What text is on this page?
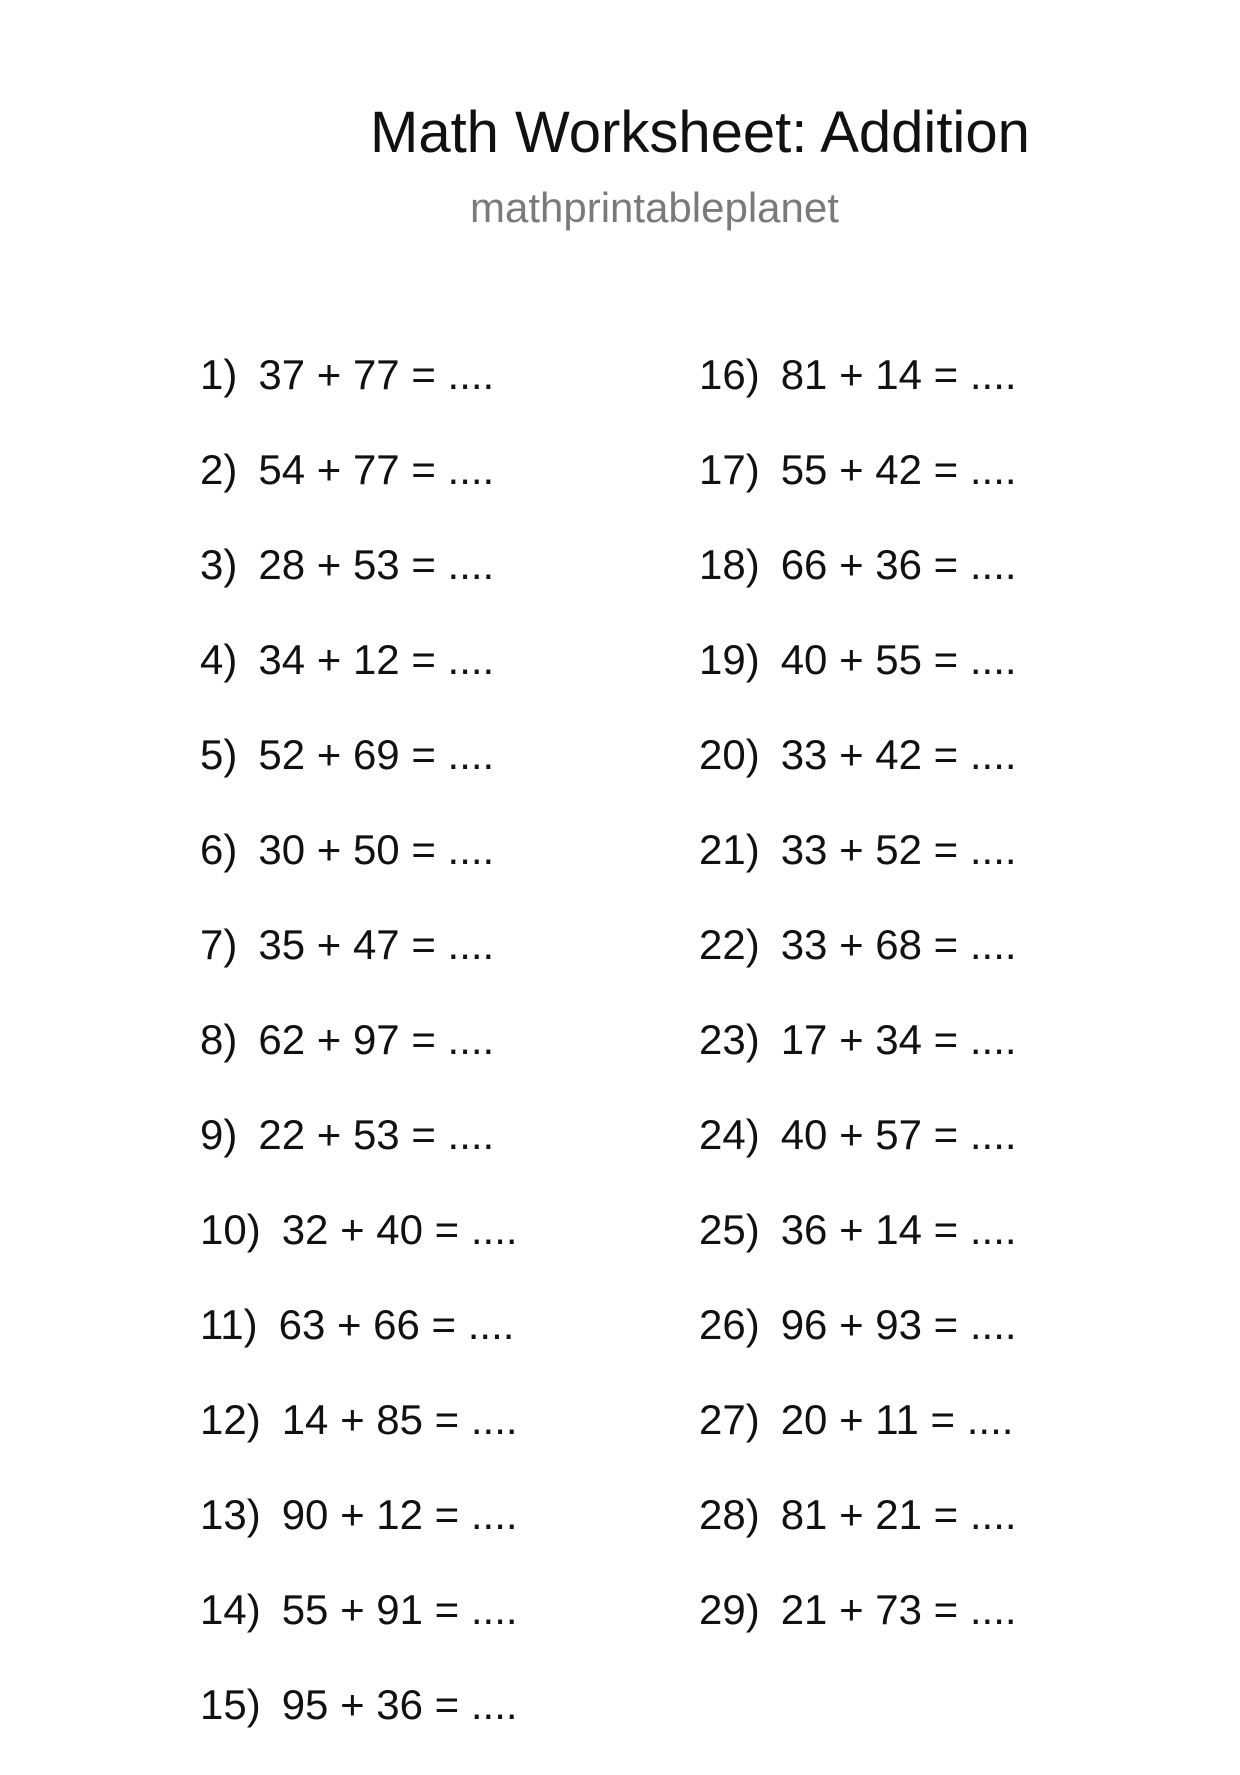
Math Worksheet: Addition
mathprintableplanet
1) 37 + 77 = ....
2) 54 + 77 = ....
3) 28 + 53 = ....
4) 34 + 12 = ....
5) 52 + 69 = ....
6) 30 + 50 = ....
7) 35 + 47 = ....
8) 62 + 97 = ....
9) 22 + 53 = ....
10) 32 + 40 = ....
11) 63 + 66 = ....
12) 14 + 85 = ....
13) 90 + 12 = ....
14) 55 + 91 = ....
15) 95 + 36 = ....
16) 81 + 14 = ....
17) 55 + 42 = ....
18) 66 + 36 = ....
19) 40 + 55 = ....
20) 33 + 42 = ....
21) 33 + 52 = ....
22) 33 + 68 = ....
23) 17 + 34 = ....
24) 40 + 57 = ....
25) 36 + 14 = ....
26) 96 + 93 = ....
27) 20 + 11 = ....
28) 81 + 21 = ....
29) 21 + 73 = ....
